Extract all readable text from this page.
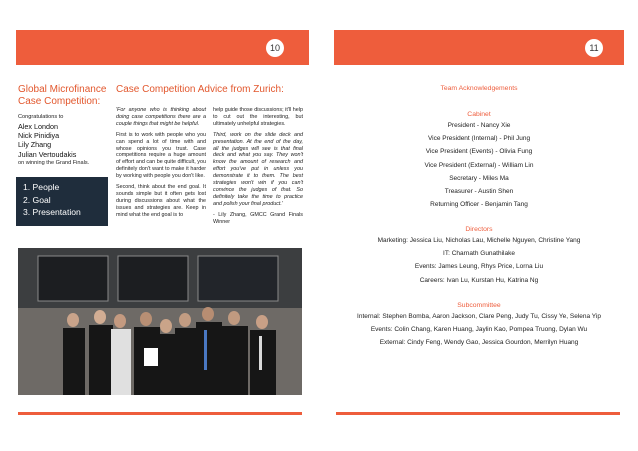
10	11
Global Microfinance
Case Competition:
Congratulations to
Alex London
Nick Pinidiya
Lily Zhang
Julian Vertoudakis
on winning the Grand Finals.
1. People
2. Goal
3. Presentation
Case Competition Advice from Zurich:

'For anyone who is thinking about doing case competitions there are a couple things that might be helpful.

First is to work with people who you can spend a lot of time with and whose opinions you trust. Case competitions require a huge amount of effort and can be quite difficult, you definitely don't want to make it harder by working with people you don't like.

Second, think about the end goal. It sounds simple but it often gets lost during discussions about what the issues and strategies are. Keep in mind what the end goal is to

help guide those discussions; it'll help to cut out the interesting, but ultimately unhelpful strategies.

Third, work on the slide deck and presentation. At the end of the day, all the judges will see is that final deck and what you say. They won't know the amount of research and effort you've put in unless you demonstrate it to them. The best strategies won't win if you can't convince the judges of that. So definitely take the time to practice and polish your final product.'

- Lily Zhang, GMCC Grand Finals Winner

Team Acknowledgements
Cabinet
President - Nancy Xie
Vice President (Internal) - Phil Jung
Vice President (Events) - Olivia Fung
Vice President (External) - William Lin
Secretary - Miles Ma
Treasurer - Austin Shen
Returning Officer - Benjamin Tang
Directors
Marketing: Jessica Liu, Nicholas Lau, Michelle Nguyen, Christine Yang
IT: Charnath Gunathilake
Events: James Leung, Rhys Price, Lorna Liu
Careers: Ivan Lu, Kurstan Hu, Katrina Ng
Subcommittee
Internal: Stephen Bomba, Aaron Jackson, Clare Peng, Judy Tu, Cissy Ye, Selena Yip
Events: Colin Chang, Karen Huang, Jaylin Kao, Pompea Truong, Dylan Wu
External: Cindy Feng, Wendy Gao, Jessica Gourdon, Merrilyn Huang
